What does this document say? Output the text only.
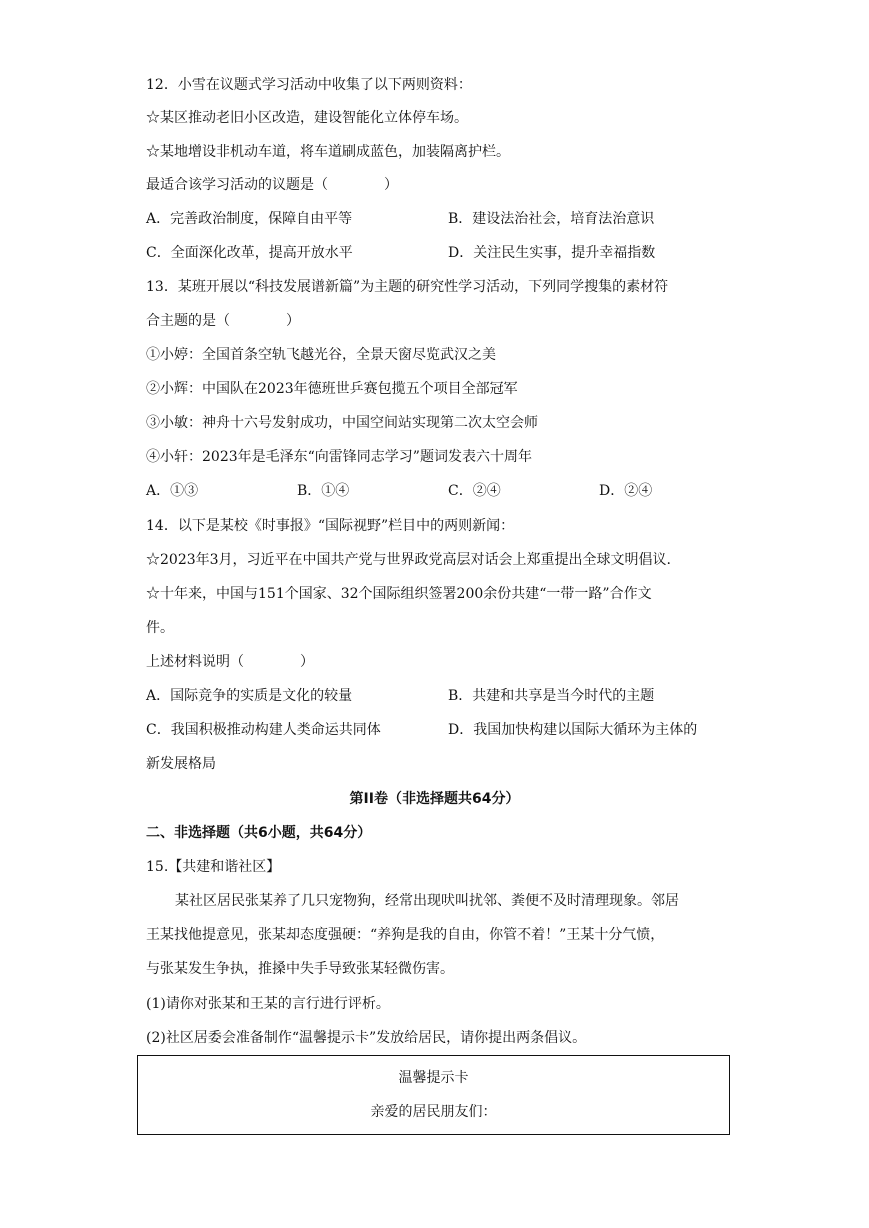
12．小雪在议题式学习活动中收集了以下两则资料：
☆某区推动老旧小区改造，建设智能化立体停车场。
☆某地增设非机动车道，将车道刷成蓝色，加装隔离护栏。
最适合该学习活动的议题是（　　　　）
A．完善政治制度，保障自由平等	B．建设法治社会，培育法治意识
C．全面深化改革，提高开放水平	D．关注民生实事，提升幸福指数
13．某班开展以“科技发展谱新篇”为主题的研究性学习活动，下列同学搜集的素材符
合主题的是（　　　　）
①小婷：全国首条空轨飞越光谷，全景天窗尽览武汉之美
②小辉：中国队在2023年德班世乒赛包揽五个项目全部冠军
③小敏：神舟十六号发射成功，中国空间站实现第二次太空会师
④小轩：2023年是毛泽东“向雷锋同志学习”题词发表六十周年
A．①③	B．①④	C．②④	D．②④
14．以下是某校《时事报》“国际视野”栏目中的两则新闻：
☆2023年3月，习近平在中国共产党与世界政党高层对话会上郑重提出全球文明倡议.
☆十年来，中国与151个国家、32个国际组织签署200余份共建“一带一路”合作文
件。
上述材料说明（　　　　）
A．国际竞争的实质是文化的较量	B．共建和共享是当今时代的主题
C．我国积极推动构建人类命运共同体	D．我国加快构建以国际大循环为主体的
新发展格局
第II卷（非选择题共64分）
二、非选择题（共6小题，共64分）
15.【共建和谐社区】
某社区居民张某养了几只宠物狗，经常出现吠叫扰邻、粪便不及时清理现象。邻居
王某找他提意见，张某却态度强硬：“养狗是我的自由，你管不着！”王某十分气愤，
与张某发生争执，推搡中失手导致张某轻微伤害。
(1)请你对张某和王某的言行进行评析。
(2)社区居委会准备制作“温馨提示卡”发放给居民，请你提出两条倡议。
温馨提示卡
亲爱的居民朋友们：
